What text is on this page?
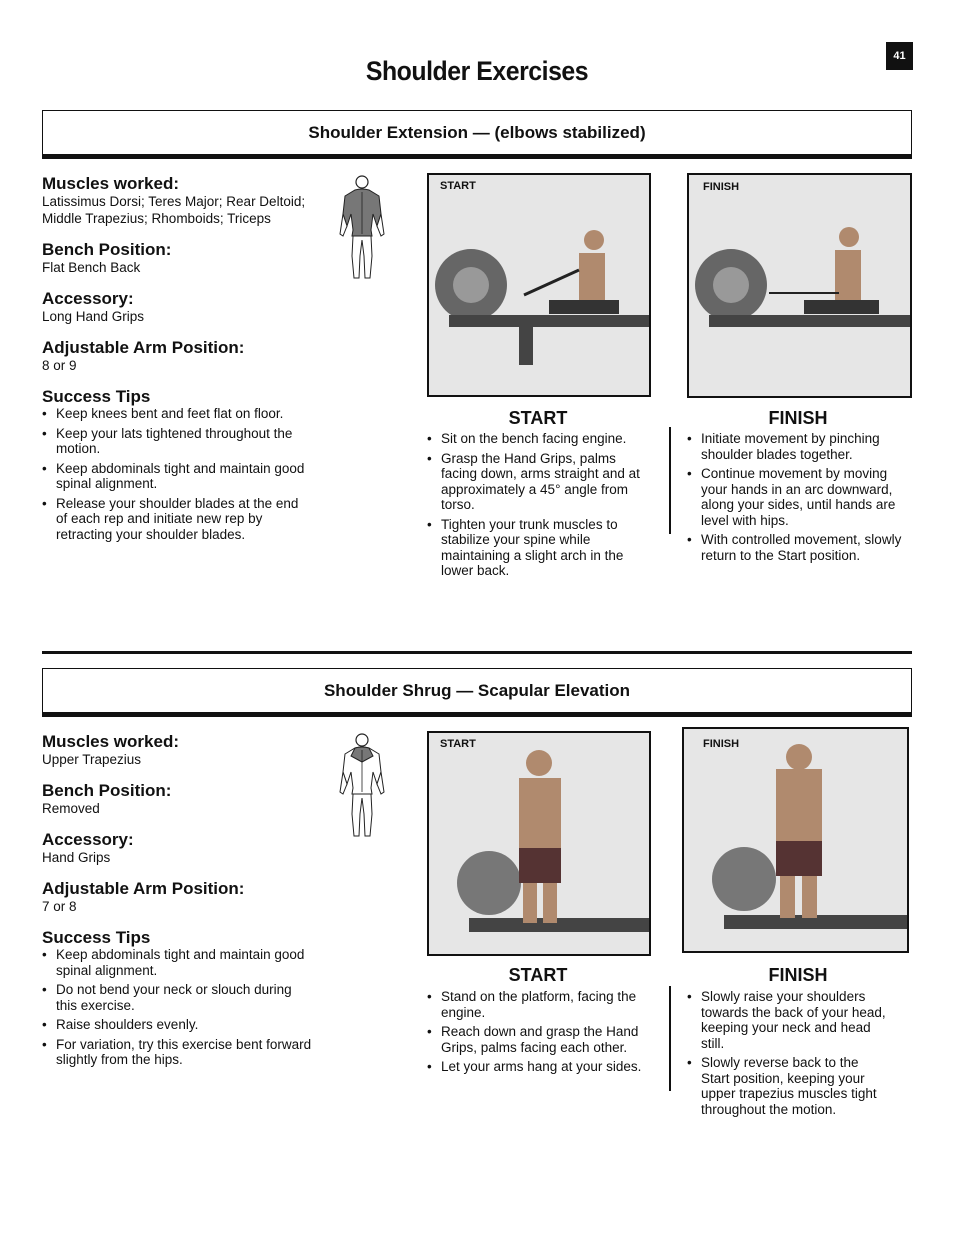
41
Shoulder Exercises
Shoulder Extension — (elbows stabilized)

Muscles worked:

Latissimus Dorsi; Teres Major; Rear Deltoid; Middle Trapezius; Rhomboids; Triceps

Bench Position:

Flat Bench Back

Accessory:

Long Hand Grips

Adjustable Arm Position:

8 or 9

Success Tips

• Keep knees bent and feet flat on floor.
• Keep your lats tightened throughout the motion.
• Keep abdominals tight and maintain good spinal alignment.
• Release your shoulder blades at the end of each rep and initiate new rep by retracting your shoulder blades.
START	FINISH
START
• Sit on the bench facing engine.
• Grasp the Hand Grips, palms facing down, arms straight and at approximately a 45° angle from torso.
• Tighten your trunk muscles to stabilize your spine while maintaining a slight arch in the lower back.
FINISH
• Initiate movement by pinching shoulder blades together.
• Continue movement by moving your hands in an arc downward, along your sides, until hands are level with hips.
• With controlled movement, slowly return to the Start position.
Shoulder Shrug — Scapular Elevation

Muscles worked:

Upper Trapezius

Bench Position:

Removed

Accessory:

Hand Grips

Adjustable Arm Position:

7 or 8

Success Tips

• Keep abdominals tight and maintain good spinal alignment.
• Do not bend your neck or slouch during this exercise.
• Raise shoulders evenly.
• For variation, try this exercise bent forward slightly from the hips.
START	FINISH
START
• Stand on the platform, facing the engine.
• Reach down and grasp the Hand Grips, palms facing each other.
• Let your arms hang at your sides.
FINISH
• Slowly raise your shoulders towards the back of your head, keeping your neck and head still.
• Slowly reverse back to the Start position, keeping your upper trapezius muscles tight throughout the motion.
